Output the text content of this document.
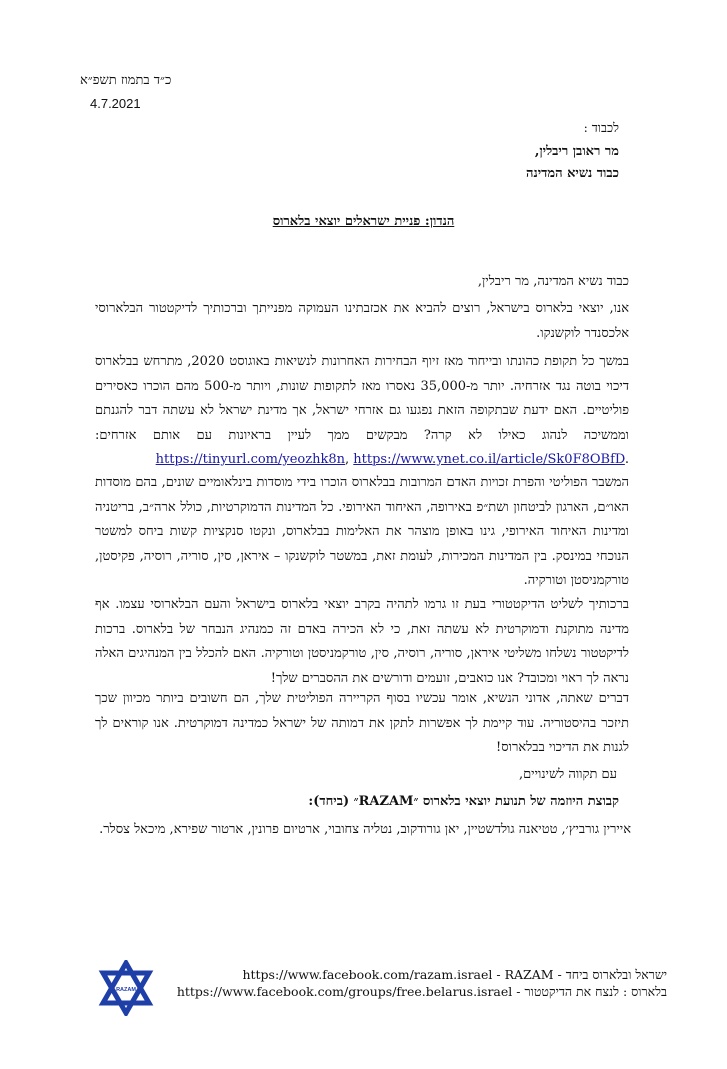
כ״ד בתמוז תשפ״א
4.7.2021
לכבוד :
מר ראובן ריבלין,
כבוד נשיא המדינה
הנדון: פניית ישראלים יוצאי בלארוס
כבוד נשיא המדינה, מר ריבלין,
אנו, יוצאי בלארוס בישראל, רוצים להביא את אכזבתינו העמוקה מפנייתך וברכותיך לדיקטטור הבלארוסי אלכסנדר לוקשנקו.
במשך כל תקופת כהונתו ובייחוד מאז זיוף הבחירות האחרונות לנשיאות באוגוסט 2020, מתרחש בבלארוס דיכוי בוטה נגד אזרחיה. יותר מ-35,000 נאסרו מאז לתקופות שונות, ויותר מ-500 מהם הוכרו כאסירים פוליטיים. האם ידעת שבתקופה הזאת נפגעו גם אזרחי ישראל, אך מדינת ישראל לא עשתה דבר להגנתם וממשיכה לנהוג כאילו לא קרה? מבקשים ממך לעיין בראיונות עם אותם אזרחים: https://tinyurl.com/yeozhk8n, https://www.ynet.co.il/article/Sk0F8OBfD.
המשבר הפוליטי והפרת זכויות האדם המרובות בבלארוס הוכרו בידי מוסדות בינלאומיים שונים, בהם מוסדות האו״ם, הארגון לביטחון ושת״פ באירופה, האיחוד האירופי. כל המדינות הדמוקרטיות, כולל ארה״ב, בריטניה ומדינות האיחוד האירופי, גינו באופן מוצהר את האלימות בבלארוס, ונקטו סנקציות קשות ביחס למשטר הנוכחי במינסק. בין המדינות המכירות, לעומת זאת, במשטר לוקשנקו – איראן, סין, סוריה, רוסיה, פקיסטן, טורקמניסטן וטורקיה.
ברכותיך לשליט הדיקטטורי בעת זו גרמו לתהיה בקרב יוצאי בלארוס בישראל והעם הבלארוסי עצמו. אף מדינה מתוקנת ודמוקרטית לא עשתה זאת, כי לא הכירה באדם זה כמנהיג הנבחר של בלארוס. ברכות לדיקטטור נשלחו משליטי איראן, סוריה, רוסיה, סין, טורקמניסטן וטורקיה. האם להכלל בין המנהיגים האלה נראה לך ראוי ומכובד? אנו כואבים, זועמים ודורשים את ההסברים שלך!
דברים שאתה, אדוני הנשיא, אומר עכשיו בסוף הקריירה הפוליטית שלך, הם חשובים ביותר מכיוון שכך תיזכר בהיסטוריה. עוד קיימת לך אפשרות לתקן את דמותה של ישראל כמדינה דמוקרטית. אנו קוראים לך לגנות את הדיכוי בבלארוס!
עם תקווה לשינויים,
קבוצת היוזמה של תנועת יוצאי בלארוס ״RAZAM״ (ביחד):
איירין גורביץ׳, טטיאנה גולדשטיין, יאן גורודקוב, נטליה צחובוי, ארטיום פרונין, ארטור שפירא, מיכאל צסלר.
RAZAM
https://www.facebook.com/razam.israel - ישראל ובלארוס ביחד - RAZAM
https://www.facebook.com/groups/free.belarus.israel בלארוס : לנצח את הדיקטטור -
